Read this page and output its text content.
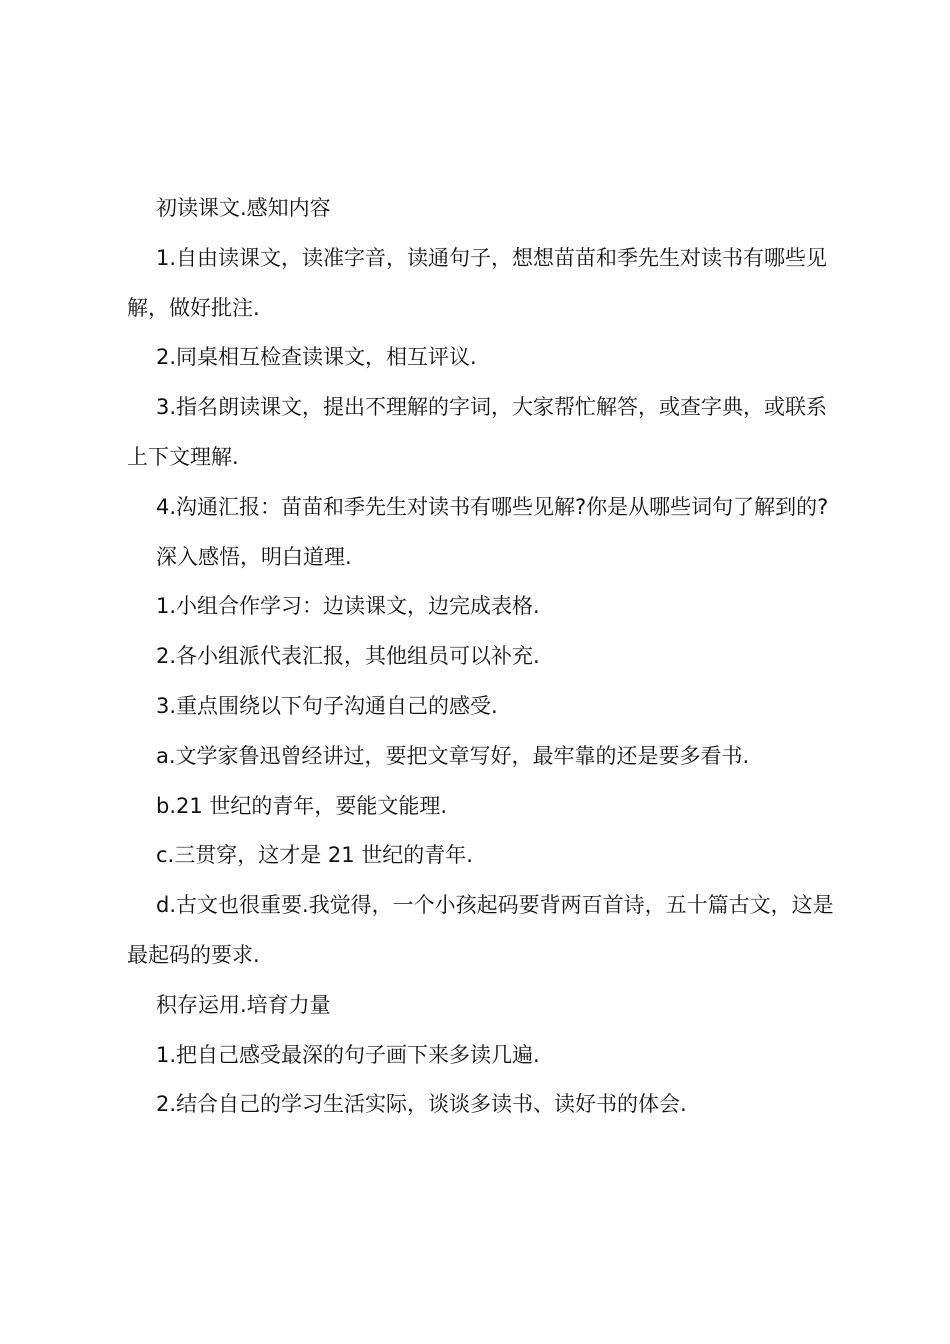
初读课文.感知内容

1.自由读课文，读准字音，读通句子，想想苗苗和季先生对读书有哪些见解，做好批注.

2.同桌相互检查读课文，相互评议.

3.指名朗读课文，提出不理解的字词，大家帮忙解答，或查字典，或联系上下文理解.

4.沟通汇报：苗苗和季先生对读书有哪些见解?你是从哪些词句了解到的?

深入感悟，明白道理.

1.小组合作学习：边读课文，边完成表格.

2.各小组派代表汇报，其他组员可以补充.

3.重点围绕以下句子沟通自己的感受.

a.文学家鲁迅曾经讲过，要把文章写好，最牢靠的还是要多看书.

b.21 世纪的青年，要能文能理.

c.三贯穿，这才是 21 世纪的青年.

d.古文也很重要.我觉得，一个小孩起码要背两百首诗，五十篇古文，这是最起码的要求.

积存运用.培育力量

1.把自己感受最深的句子画下来多读几遍.

2.结合自己的学习生活实际，谈谈多读书、读好书的体会.
